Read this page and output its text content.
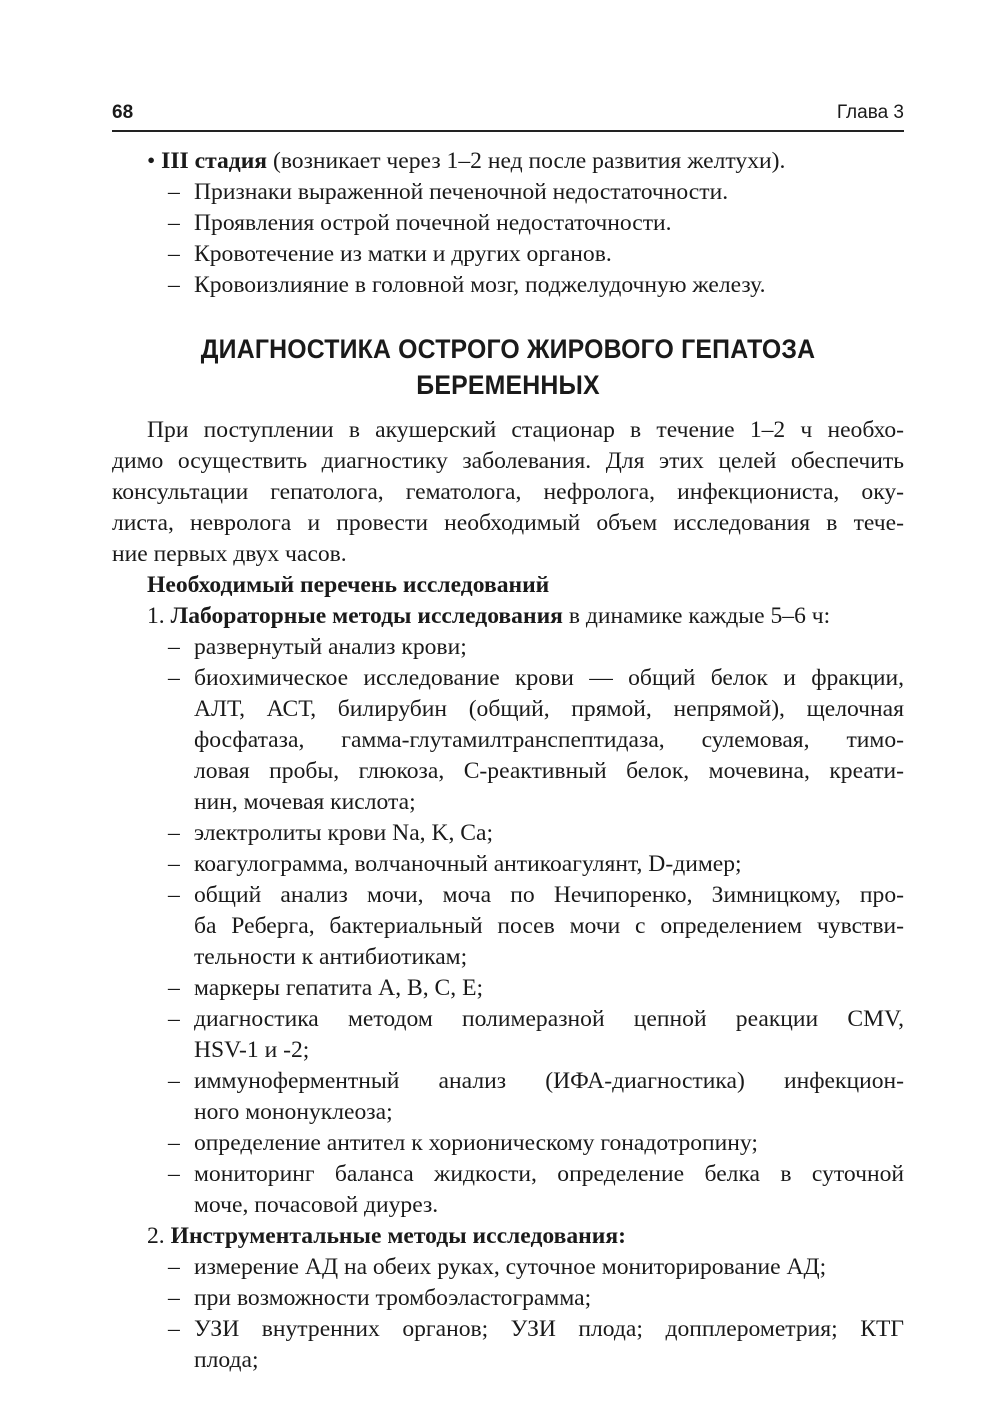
68	Глава 3
• III стадия (возникает через 1–2 нед после развития желтухи).
– Признаки выраженной печеночной недостаточности.
– Проявления острой почечной недостаточности.
– Кровотечение из матки и других органов.
– Кровоизлияние в головной мозг, поджелудочную железу.
ДИАГНОСТИКА ОСТРОГО ЖИРОВОГО ГЕПАТОЗА
БЕРЕМЕННЫХ
При поступлении в акушерский стационар в течение 1–2 ч необхо-
димо осуществить диагностику заболевания. Для этих целей обеспечить
консультации гепатолога, гематолога, нефролога, инфекциониста, оку-
листа, невролога и провести необходимый объем исследования в тече-
ние первых двух часов.
Необходимый перечень исследований
1. Лабораторные методы исследования в динамике каждые 5–6 ч:
– развернутый анализ крови;
– биохимическое исследование крови — общий белок и фракции,
АЛТ, АСТ, билирубин (общий, прямой, непрямой), щелочная
фосфатаза, гамма-глутамилтранспептидаза, сулемовая, тимо-
ловая пробы, глюкоза, С-реактивный белок, мочевина, креати-
нин, мочевая кислота;
– электролиты крови Na, K, Ca;
– коагулограмма, волчаночный антикоагулянт, D-димер;
– общий анализ мочи, моча по Нечипоренко, Зимницкому, про-
ба Реберга, бактериальный посев мочи с определением чувстви-
тельности к антибиотикам;
– маркеры гепатита А, В, С, Е;
– диагностика методом полимеразной цепной реакции CMV,
HSV-1 и -2;
– иммуноферментный анализ (ИФА-диагностика) инфекцион-
ного мононуклеоза;
– определение антител к хорионическому гонадотропину;
– мониторинг баланса жидкости, определение белка в суточной
моче, почасовой диурез.
2. Инструментальные методы исследования:
– измерение АД на обеих руках, суточное мониторирование АД;
– при возможности тромбоэластограмма;
– УЗИ внутренних органов; УЗИ плода; допплерометрия; КТГ
плода;
